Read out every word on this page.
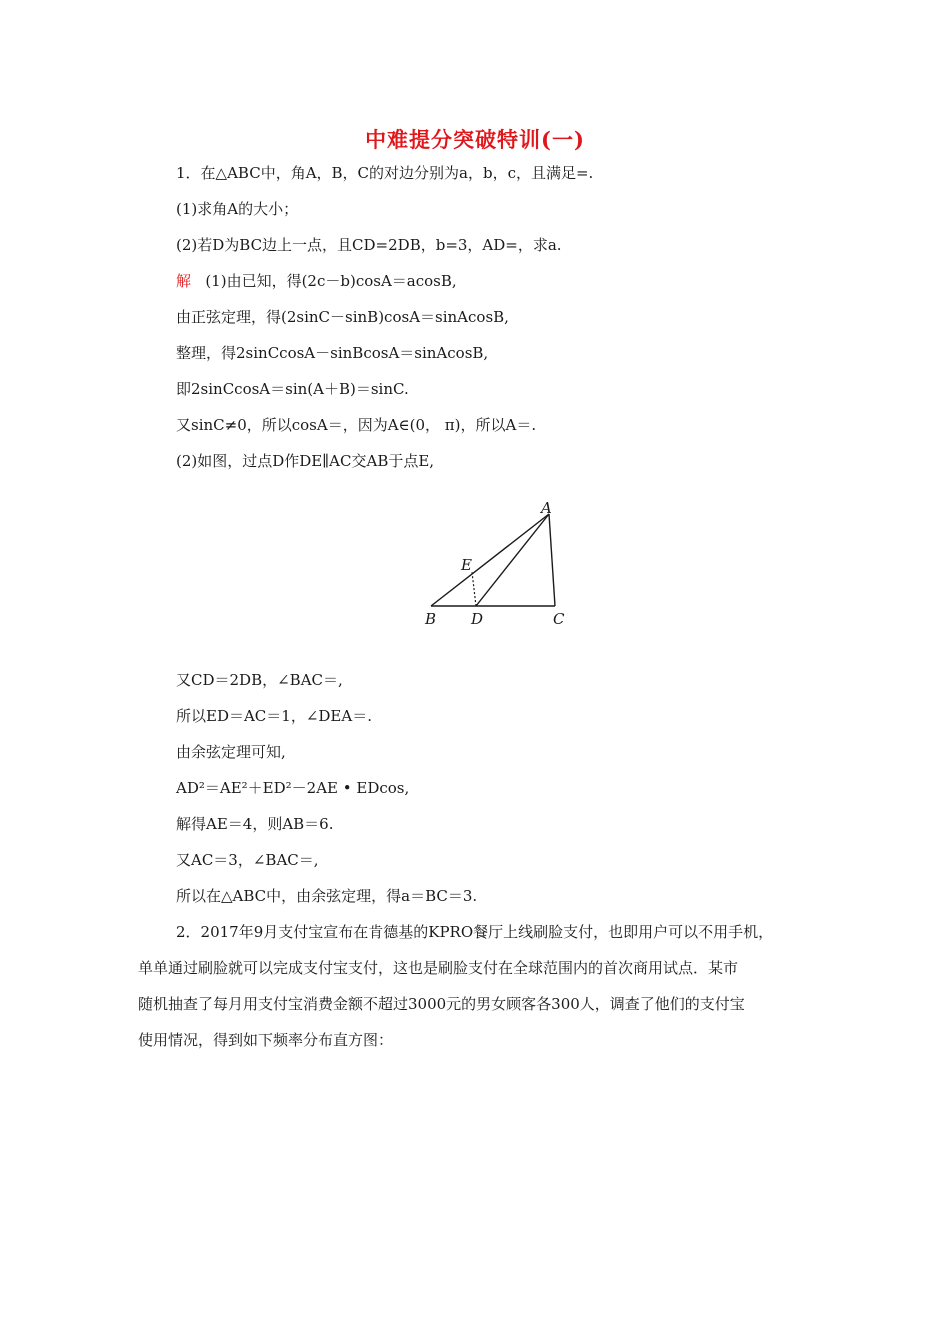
中难提分突破特训(一)
1．在△ABC中，角A，B，C的对边分别为a，b，c，且满足=.
(1)求角A的大小；
(2)若D为BC边上一点，且CD=2DB，b=3，AD=，求a.
解 (1)由已知，得(2c－b)cosA＝acosB,
由正弦定理，得(2sinC－sinB)cosA＝sinAcosB,
整理，得2sinCcosA－sinBcosA＝sinAcosB,
即2sinCcosA＝sin(A＋B)＝sinC.
又sinC≠0，所以cosA＝，因为A∈(0， π)，所以A＝.
(2)如图，过点D作DE∥AC交AB于点E,
A
B D	C
E
又CD＝2DB，∠BAC＝,
所以ED＝AC＝1，∠DEA＝.
由余弦定理可知,
AD²＝AE²＋ED²－2AE • EDcos,
解得AE＝4，则AB＝6.
又AC＝3，∠BAC＝,
所以在△ABC中，由余弦定理，得a＝BC＝3.
2．2017年9月支付宝宣布在肯德基的KPRO餐厅上线刷脸支付，也即用户可以不用手机，
单单通过刷脸就可以完成支付宝支付，这也是刷脸支付在全球范围内的首次商用试点．某市
随机抽查了每月用支付宝消费金额不超过3000元的男女顾客各300人，调查了他们的支付宝
使用情况，得到如下频率分布直方图：
